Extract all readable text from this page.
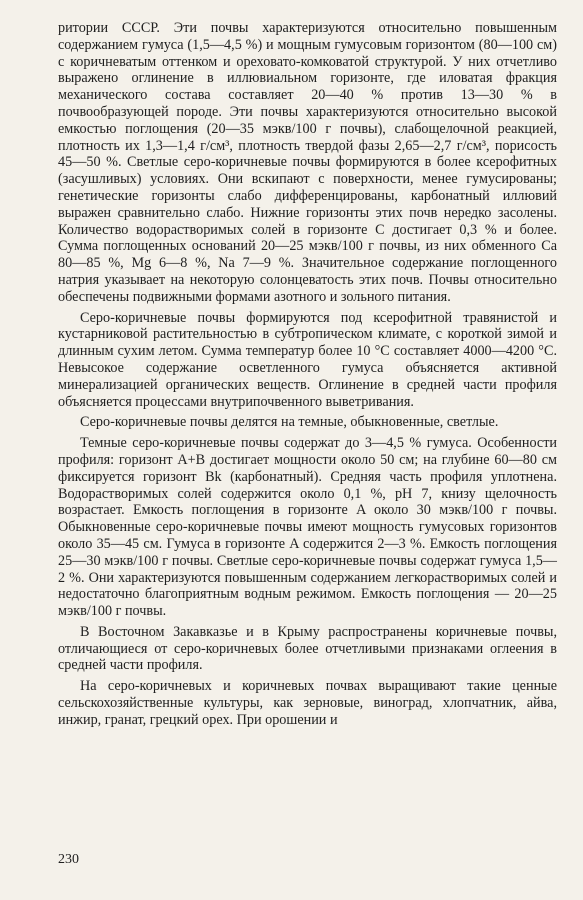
ритории СССР. Эти почвы характеризуются относительно повышенным содержанием гумуса (1,5—4,5 %) и мощным гумусовым горизонтом (80—100 см) с коричневатым оттенком и ореховато-комковатой структурой. У них отчетливо выражено оглинение в иллювиальном горизонте, где иловатая фракция механического состава составляет 20—40 % против 13—30 % в почвообразующей породе. Эти почвы характеризуются относительно высокой емкостью поглощения (20—35 мэкв/100 г почвы), слабощелочной реакцией, плотность их 1,3—1,4 г/см³, плотность твердой фазы 2,65—2,7 г/см³, порисость 45—50 %. Светлые серо-коричневые почвы формируются в более ксерофитных (засушливых) условиях. Они вскипают с поверхности, менее гумусированы; генетические горизонты слабо дифференцированы, карбонатный иллювий выражен сравнительно слабо. Нижние горизонты этих почв нередко засолены. Количество водорастворимых солей в горизонте C достигает 0,3 % и более. Сумма поглощенных оснований 20—25 мэкв/100 г почвы, из них обменного Ca 80—85 %, Mg 6—8 %, Na 7—9 %. Значительное содержание поглощенного натрия указывает на некоторую солонцеватость этих почв. Почвы относительно обеспечены подвижными формами азотного и зольного питания.

Серо-коричневые почвы формируются под ксерофитной травянистой и кустарниковой растительностью в субтропическом климате, с короткой зимой и длинным сухим летом. Сумма температур более 10 °C составляет 4000—4200 °C. Невысокое содержание осветленного гумуса объясняется активной минерализацией органических веществ. Оглинение в средней части профиля объясняется процессами внутрипочвенного выветривания.

Серо-коричневые почвы делятся на темные, обыкновенные, светлые.

Темные серо-коричневые почвы содержат до 3—4,5 % гумуса. Особенности профиля: горизонт A+B достигает мощности около 50 см; на глубине 60—80 см фиксируется горизонт Bk (карбонатный). Средняя часть профиля уплотнена. Водорастворимых солей содержится около 0,1 %, pH 7, книзу щелочность возрастает. Емкость поглощения в горизонте A около 30 мэкв/100 г почвы. Обыкновенные серо-коричневые почвы имеют мощность гумусовых горизонтов около 35—45 см. Гумуса в горизонте A содержится 2—3 %. Емкость поглощения 25—30 мэкв/100 г почвы. Светлые серо-коричневые почвы содержат гумуса 1,5—2 %. Они характеризуются повышенным содержанием легкорастворимых солей и недостаточно благоприятным водным режимом. Емкость поглощения — 20—25 мэкв/100 г почвы.

В Восточном Закавказье и в Крыму распространены коричневые почвы, отличающиеся от серо-коричневых более отчетливыми признаками оглеения в средней части профиля.

На серо-коричневых и коричневых почвах выращивают такие ценные сельскохозяйственные культуры, как зерновые, виноград, хлопчатник, айва, инжир, гранат, грецкий орех. При орошении и

230
